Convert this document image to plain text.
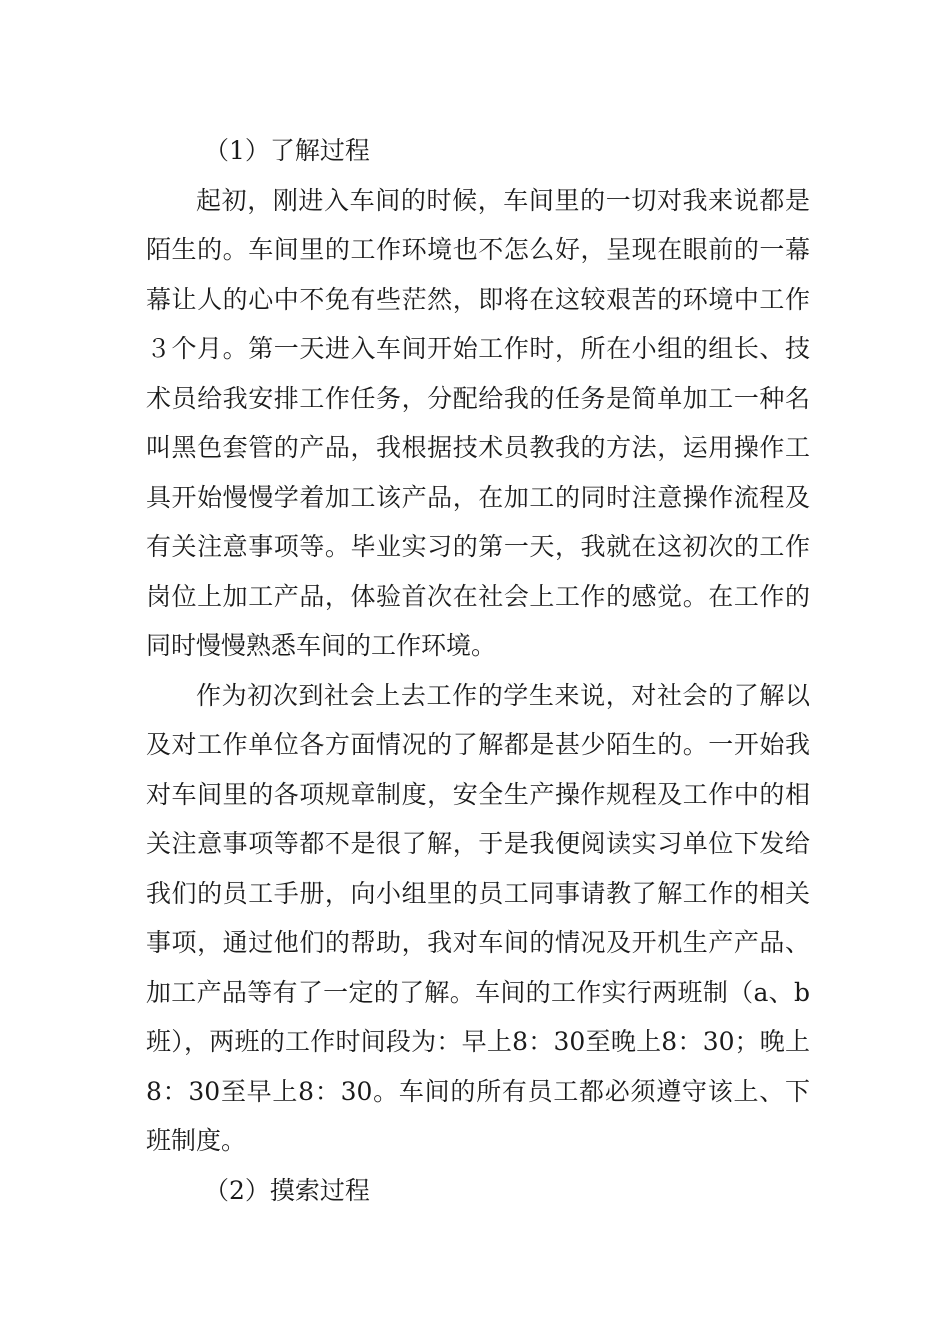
（1）了解过程

起初，刚进入车间的时候，车间里的一切对我来说都是陌生的。车间里的工作环境也不怎么好，呈现在眼前的一幕幕让人的心中不免有些茫然，即将在这较艰苦的环境中工作３个月。第一天进入车间开始工作时，所在小组的组长、技术员给我安排工作任务，分配给我的任务是简单加工一种名叫黑色套管的产品，我根据技术员教我的方法，运用操作工具开始慢慢学着加工该产品，在加工的同时注意操作流程及有关注意事项等。毕业实习的第一天，我就在这初次的工作岗位上加工产品，体验首次在社会上工作的感觉。在工作的同时慢慢熟悉车间的工作环境。

作为初次到社会上去工作的学生来说，对社会的了解以及对工作单位各方面情况的了解都是甚少陌生的。一开始我对车间里的各项规章制度，安全生产操作规程及工作中的相关注意事项等都不是很了解，于是我便阅读实习单位下发给我们的员工手册，向小组里的员工同事请教了解工作的相关事项，通过他们的帮助，我对车间的情况及开机生产产品、加工产品等有了一定的了解。车间的工作实行两班制（a、b班），两班的工作时间段为：早上8：30至晚上8：30；晚上8：30至早上8：30。车间的所有员工都必须遵守该上、下班制度。

（2）摸索过程
